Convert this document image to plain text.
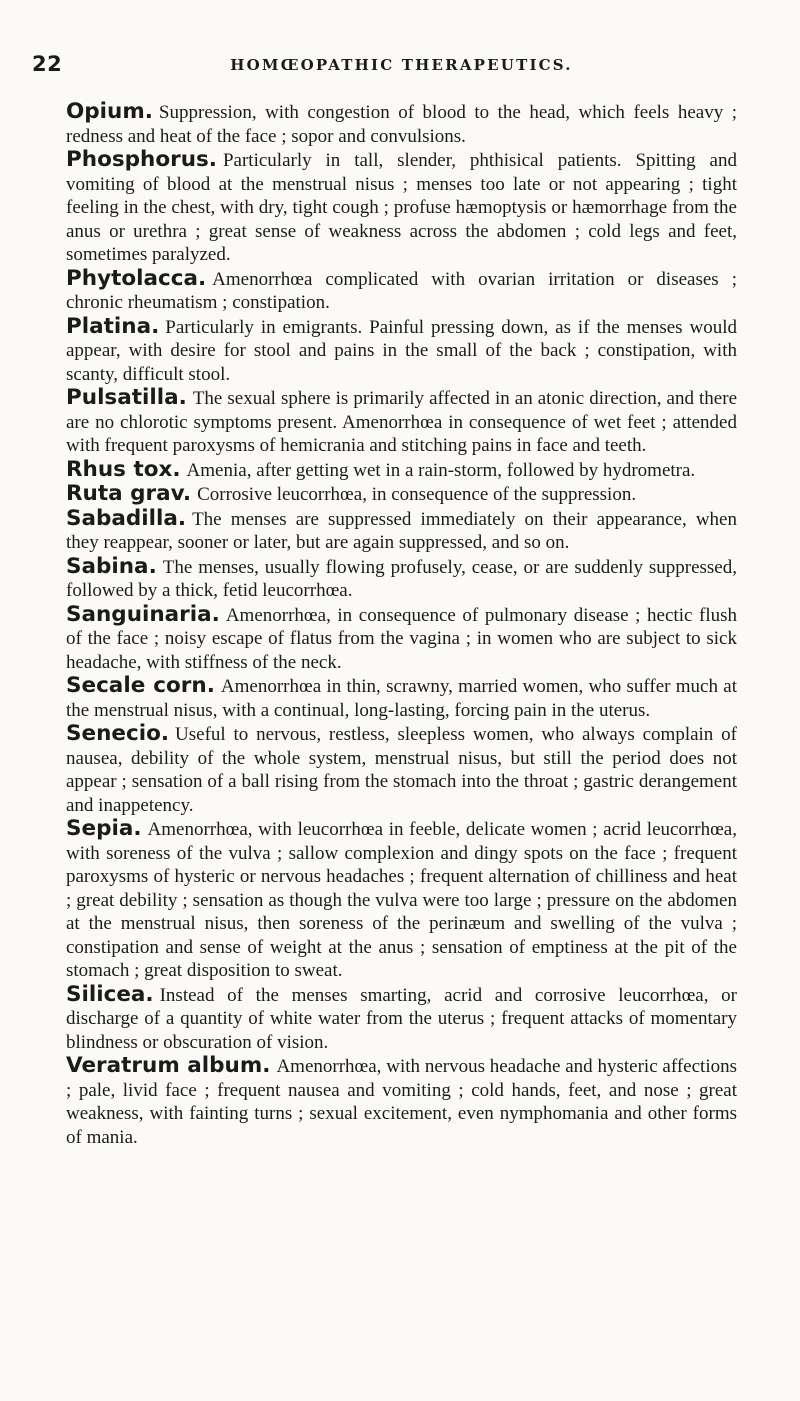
22	HOMŒOPATHIC THERAPEUTICS.

Opium. Suppression, with congestion of blood to the head, which feels heavy ; redness and heat of the face ; sopor and convulsions.

Phosphorus. Particularly in tall, slender, phthisical patients. Spitting and vomiting of blood at the menstrual nisus ; menses too late or not appearing ; tight feeling in the chest, with dry, tight cough ; profuse hæmoptysis or hæmorrhage from the anus or urethra ; great sense of weakness across the abdomen ; cold legs and feet, sometimes paralyzed.

Phytolacca. Amenorrhœa complicated with ovarian irritation or diseases ; chronic rheumatism ; constipation.

Platina. Particularly in emigrants. Painful pressing down, as if the menses would appear, with desire for stool and pains in the small of the back ; constipation, with scanty, difficult stool.

Pulsatilla. The sexual sphere is primarily affected in an atonic direction, and there are no chlorotic symptoms present. Amenorrhœa in consequence of wet feet ; attended with frequent paroxysms of hemicrania and stitching pains in face and teeth.

Rhus tox. Amenia, after getting wet in a rain-storm, followed by hydrometra.

Ruta grav. Corrosive leucorrhœa, in consequence of the suppression.

Sabadilla. The menses are suppressed immediately on their appearance, when they reappear, sooner or later, but are again suppressed, and so on.

Sabina. The menses, usually flowing profusely, cease, or are suddenly suppressed, followed by a thick, fetid leucorrhœa.

Sanguinaria. Amenorrhœa, in consequence of pulmonary disease ; hectic flush of the face ; noisy escape of flatus from the vagina ; in women who are subject to sick headache, with stiffness of the neck.

Secale corn. Amenorrhœa in thin, scrawny, married women, who suffer much at the menstrual nisus, with a continual, long-lasting, forcing pain in the uterus.

Senecio. Useful to nervous, restless, sleepless women, who always complain of nausea, debility of the whole system, menstrual nisus, but still the period does not appear ; sensation of a ball rising from the stomach into the throat ; gastric derangement and inappetency.

Sepia. Amenorrhœa, with leucorrhœa in feeble, delicate women ; acrid leucorrhœa, with soreness of the vulva ; sallow complexion and dingy spots on the face ; frequent paroxysms of hysteric or nervous headaches ; frequent alternation of chilliness and heat ; great debility ; sensation as though the vulva were too large ; pressure on the abdomen at the menstrual nisus, then soreness of the perinæum and swelling of the vulva ; constipation and sense of weight at the anus ; sensation of emptiness at the pit of the stomach ; great disposition to sweat.

Silicea. Instead of the menses smarting, acrid and corrosive leucorrhœa, or discharge of a quantity of white water from the uterus ; frequent attacks of momentary blindness or obscuration of vision.

Veratrum album. Amenorrhœa, with nervous headache and hysteric affections ; pale, livid face ; frequent nausea and vomiting ; cold hands, feet, and nose ; great weakness, with fainting turns ; sexual excitement, even nymphomania and other forms of mania.
